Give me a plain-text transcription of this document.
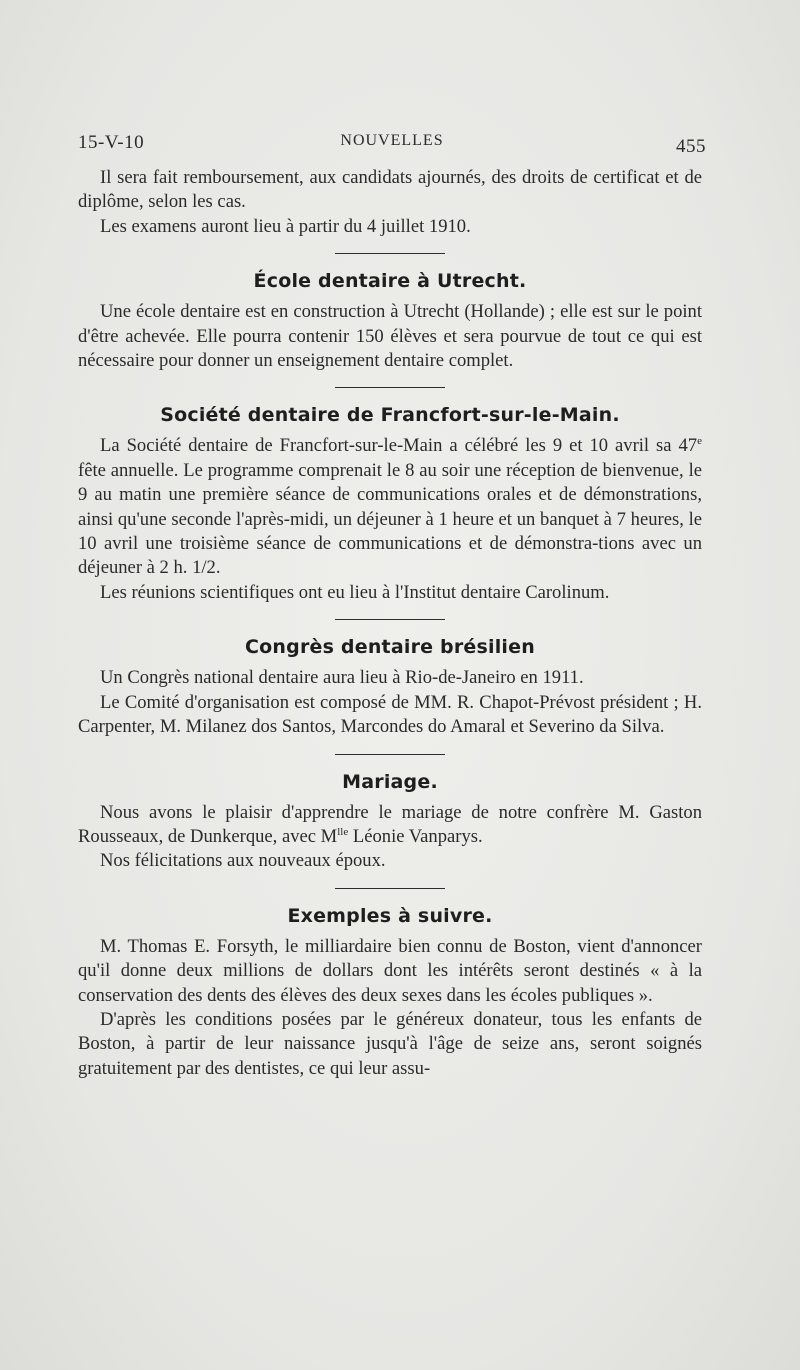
15-V-10	NOUVELLES	455

Il sera fait remboursement, aux candidats ajournés, des droits de certificat et de diplôme, selon les cas.

Les examens auront lieu à partir du 4 juillet 1910.

École dentaire à Utrecht.

Une école dentaire est en construction à Utrecht (Hollande) ; elle est sur le point d'être achevée. Elle pourra contenir 150 élèves et sera pourvue de tout ce qui est nécessaire pour donner un enseignement dentaire complet.

Société dentaire de Francfort-sur-le-Main.

La Société dentaire de Francfort-sur-le-Main a célébré les 9 et 10 avril sa 47e fête annuelle. Le programme comprenait le 8 au soir une réception de bienvenue, le 9 au matin une première séance de communications orales et de démonstrations, ainsi qu'une seconde l'après-midi, un déjeuner à 1 heure et un banquet à 7 heures, le 10 avril une troisième séance de communications et de démonstra-tions avec un déjeuner à 2 h. 1/2.

Les réunions scientifiques ont eu lieu à l'Institut dentaire Carolinum.

Congrès dentaire brésilien

Un Congrès national dentaire aura lieu à Rio-de-Janeiro en 1911.

Le Comité d'organisation est composé de MM. R. Chapot-Prévost président ; H. Carpenter, M. Milanez dos Santos, Marcondes do Amaral et Severino da Silva.

Mariage.

Nous avons le plaisir d'apprendre le mariage de notre confrère M. Gaston Rousseaux, de Dunkerque, avec $M^{lle}$ Léonie Vanparys.

Nos félicitations aux nouveaux époux.

Exemples à suivre.

M. Thomas E. Forsyth, le milliardaire bien connu de Boston, vient d'annoncer qu'il donne deux millions de dollars dont les intérêts seront destinés « à la conservation des dents des élèves des deux sexes dans les écoles publiques ».

D'après les conditions posées par le généreux donateur, tous les enfants de Boston, à partir de leur naissance jusqu'à l'âge de seize ans, seront soignés gratuitement par des dentistes, ce qui leur assu-
